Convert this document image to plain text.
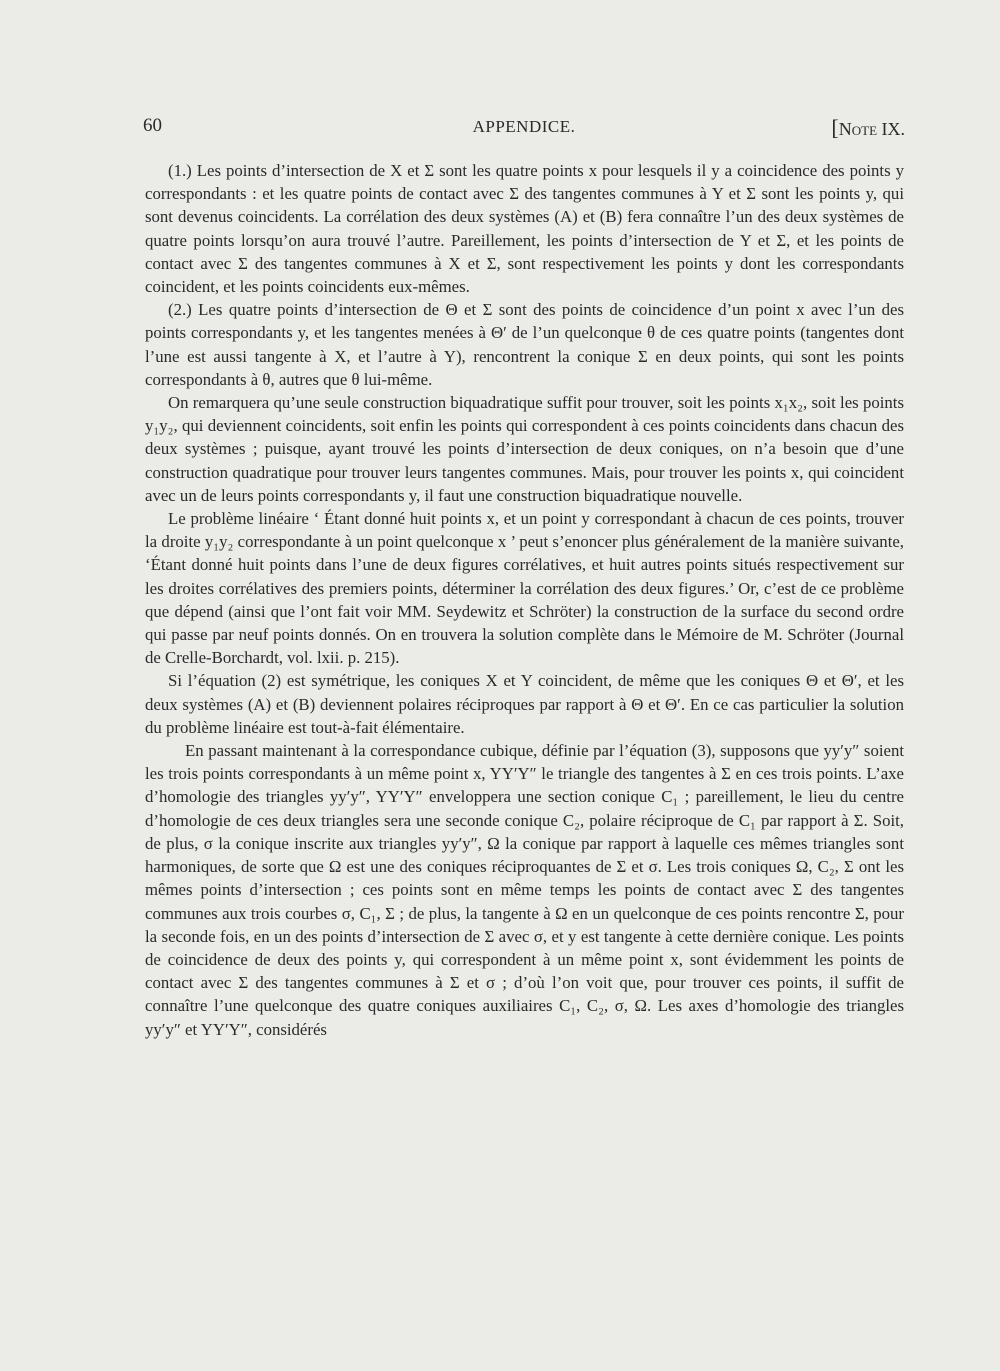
60	APPENDICE.	[Note IX.

(1.) Les points d’intersection de X et Σ sont les quatre points x pour lesquels il y a coincidence des points y correspondants : et les quatre points de contact avec Σ des tangentes communes à Y et Σ sont les points y, qui sont devenus coincidents. La corrélation des deux systèmes (A) et (B) fera connaître l’un des deux systèmes de quatre points lorsqu’on aura trouvé l’autre. Pareillement, les points d’intersection de Y et Σ, et les points de contact avec Σ des tangentes communes à X et Σ, sont respectivement les points y dont les correspondants coincident, et les points coincidents eux-mêmes.

(2.) Les quatre points d’intersection de Θ et Σ sont des points de coincidence d’un point x avec l’un des points correspondants y, et les tangentes menées à Θ′ de l’un quelconque θ de ces quatre points (tangentes dont l’une est aussi tangente à X, et l’autre à Y), rencontrent la conique Σ en deux points, qui sont les points correspondants à θ, autres que θ lui-même.

On remarquera qu’une seule construction biquadratique suffit pour trouver, soit les points x₁x₂, soit les points y₁y₂, qui deviennent coincidents, soit enfin les points qui correspondent à ces points coincidents dans chacun des deux systèmes ; puisque, ayant trouvé les points d’intersection de deux coniques, on n’a besoin que d’une construction quadratique pour trouver leurs tangentes communes. Mais, pour trouver les points x, qui coincident avec un de leurs points correspondants y, il faut une construction biquadratique nouvelle.

Le problème linéaire ‘ Étant donné huit points x, et un point y correspondant à chacun de ces points, trouver la droite y₁y₂ correspondante à un point quelconque x ’ peut s’enoncer plus généralement de la manière suivante, ‘Étant donné huit points dans l’une de deux figures corrélatives, et huit autres points situés respectivement sur les droites corrélatives des premiers points, déterminer la corrélation des deux figures.’ Or, c’est de ce problème que dépend (ainsi que l’ont fait voir MM. Seydewitz et Schröter) la construction de la surface du second ordre qui passe par neuf points donnés. On en trouvera la solution complète dans le Mémoire de M. Schröter (Journal de Crelle-Borchardt, vol. lxii. p. 215).

Si l’équation (2) est symétrique, les coniques X et Y coincident, de même que les coniques Θ et Θ′, et les deux systèmes (A) et (B) deviennent polaires réciproques par rapport à Θ et Θ′. En ce cas particulier la solution du problème linéaire est tout-à-fait élémentaire.

En passant maintenant à la correspondance cubique, définie par l’équation (3), supposons que yy′y″ soient les trois points correspondants à un même point x, YY′Y″ le triangle des tangentes à Σ en ces trois points. L’axe d’homologie des triangles yy′y″, YY′Y″ enveloppera une section conique C₁ ; pareillement, le lieu du centre d’homologie de ces deux triangles sera une seconde conique C₂, polaire réciproque de C₁ par rapport à Σ. Soit, de plus, σ la conique inscrite aux triangles yy′y″, Ω la conique par rapport à laquelle ces mêmes triangles sont harmoniques, de sorte que Ω est une des coniques réciproquantes de Σ et σ. Les trois coniques Ω, C₂, Σ ont les mêmes points d’intersection ; ces points sont en même temps les points de contact avec Σ des tangentes communes aux trois courbes σ, C₁, Σ ; de plus, la tangente à Ω en un quelconque de ces points rencontre Σ, pour la seconde fois, en un des points d’intersection de Σ avec σ, et y est tangente à cette dernière conique. Les points de coincidence de deux des points y, qui correspondent à un même point x, sont évidemment les points de contact avec Σ des tangentes communes à Σ et σ ; d’où l’on voit que, pour trouver ces points, il suffit de connaître l’une quelconque des quatre coniques auxiliaires C₁, C₂, σ, Ω. Les axes d’homologie des triangles yy′y″ et YY′Y″, considérés
